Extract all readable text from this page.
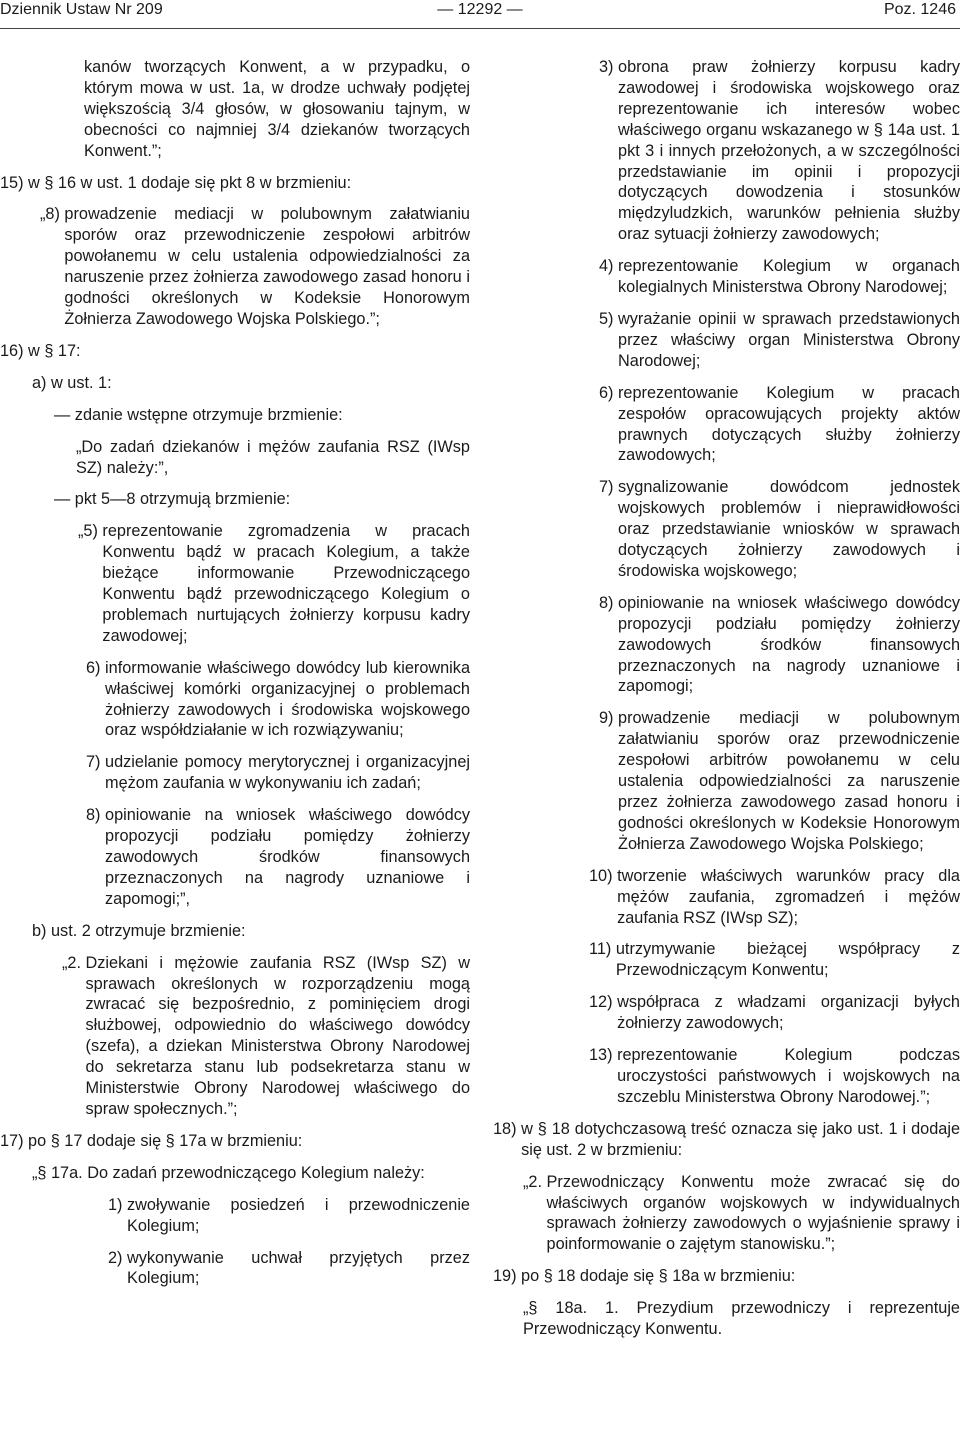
Dziennik Ustaw Nr 209	— 12292 —	Poz. 1246

kanów tworzących Konwent, a w przypadku, o którym mowa w ust. 1a, w drodze uchwały podjętej większością 3/4 głosów, w głosowaniu tajnym, w obecności co najmniej 3/4 dziekanów tworzących Konwent.”;

15) w § 16 w ust. 1 dodaje się pkt 8 w brzmieniu:

„8) prowadzenie mediacji w polubownym załatwianiu sporów oraz przewodniczenie zespołowi arbitrów powołanemu w celu ustalenia odpowiedzialności za naruszenie przez żołnierza zawodowego zasad honoru i godności określonych w Kodeksie Honorowym Żołnierza Zawodowego Wojska Polskiego.”;

16) w § 17:

a) w ust. 1:

— zdanie wstępne otrzymuje brzmienie:

„Do zadań dziekanów i mężów zaufania RSZ (IWsp SZ) należy:”,

— pkt 5—8 otrzymują brzmienie:

„5) reprezentowanie zgromadzenia w pracach Konwentu bądź w pracach Kolegium, a także bieżące informowanie Przewodniczącego Konwentu bądź przewodniczącego Kolegium o problemach nurtujących żołnierzy korpusu kadry zawodowej;
6) informowanie właściwego dowódcy lub kierownika właściwej komórki organizacyjnej o problemach żołnierzy zawodowych i środowiska wojskowego oraz współdziałanie w ich rozwiązywaniu;
7) udzielanie pomocy merytorycznej i organizacyjnej mężom zaufania w wykonywaniu ich zadań;
8) opiniowanie na wniosek właściwego dowódcy propozycji podziału pomiędzy żołnierzy zawodowych środków finansowych przeznaczonych na nagrody uznaniowe i zapomogi;”,

b) ust. 2 otrzymuje brzmienie:

„2. Dziekani i mężowie zaufania RSZ (IWsp SZ) w sprawach określonych w rozporządzeniu mogą zwracać się bezpośrednio, z pominięciem drogi służbowej, odpowiednio do właściwego dowódcy (szefa), a dziekan Ministerstwa Obrony Narodowej do sekretarza stanu lub podsekretarza stanu w Ministerstwie Obrony Narodowej właściwego do spraw społecznych.”;

17) po § 17 dodaje się § 17a w brzmieniu:

„§ 17a. Do zadań przewodniczącego Kolegium należy:
1) zwoływanie posiedzeń i przewodniczenie Kolegium;
2) wykonywanie uchwał przyjętych przez Kolegium;
3) obrona praw żołnierzy korpusu kadry zawodowej i środowiska wojskowego oraz reprezentowanie ich interesów wobec właściwego organu wskazanego w § 14a ust. 1 pkt 3 i innych przełożonych, a w szczególności przedstawianie im opinii i propozycji dotyczących dowodzenia i stosunków międzyludzkich, warunków pełnienia służby oraz sytuacji żołnierzy zawodowych;
4) reprezentowanie Kolegium w organach kolegialnych Ministerstwa Obrony Narodowej;
5) wyrażanie opinii w sprawach przedstawionych przez właściwy organ Ministerstwa Obrony Narodowej;
6) reprezentowanie Kolegium w pracach zespołów opracowujących projekty aktów prawnych dotyczących służby żołnierzy zawodowych;
7) sygnalizowanie dowódcom jednostek wojskowych problemów i nieprawidłowości oraz przedstawianie wniosków w sprawach dotyczących żołnierzy zawodowych i środowiska wojskowego;
8) opiniowanie na wniosek właściwego dowódcy propozycji podziału pomiędzy żołnierzy zawodowych środków finansowych przeznaczonych na nagrody uznaniowe i zapomogi;
9) prowadzenie mediacji w polubownym załatwianiu sporów oraz przewodniczenie zespołowi arbitrów powołanemu w celu ustalenia odpowiedzialności za naruszenie przez żołnierza zawodowego zasad honoru i godności określonych w Kodeksie Honorowym Żołnierza Zawodowego Wojska Polskiego;
10) tworzenie właściwych warunków pracy dla mężów zaufania, zgromadzeń i mężów zaufania RSZ (IWsp SZ);
11) utrzymywanie bieżącej współpracy z Przewodniczącym Konwentu;
12) współpraca z władzami organizacji byłych żołnierzy zawodowych;
13) reprezentowanie Kolegium podczas uroczystości państwowych i wojskowych na szczeblu Ministerstwa Obrony Narodowej.”;
18) w § 18 dotychczasową treść oznacza się jako ust. 1 i dodaje się ust. 2 w brzmieniu:
„2. Przewodniczący Konwentu może zwracać się do właściwych organów wojskowych w indywidualnych sprawach żołnierzy zawodowych o wyjaśnienie sprawy i poinformowanie o zajętym stanowisku.”;

19) po § 18 dodaje się § 18a w brzmieniu:

„§ 18a. 1. Prezydium przewodniczy i reprezentuje Przewodniczący Konwentu.
